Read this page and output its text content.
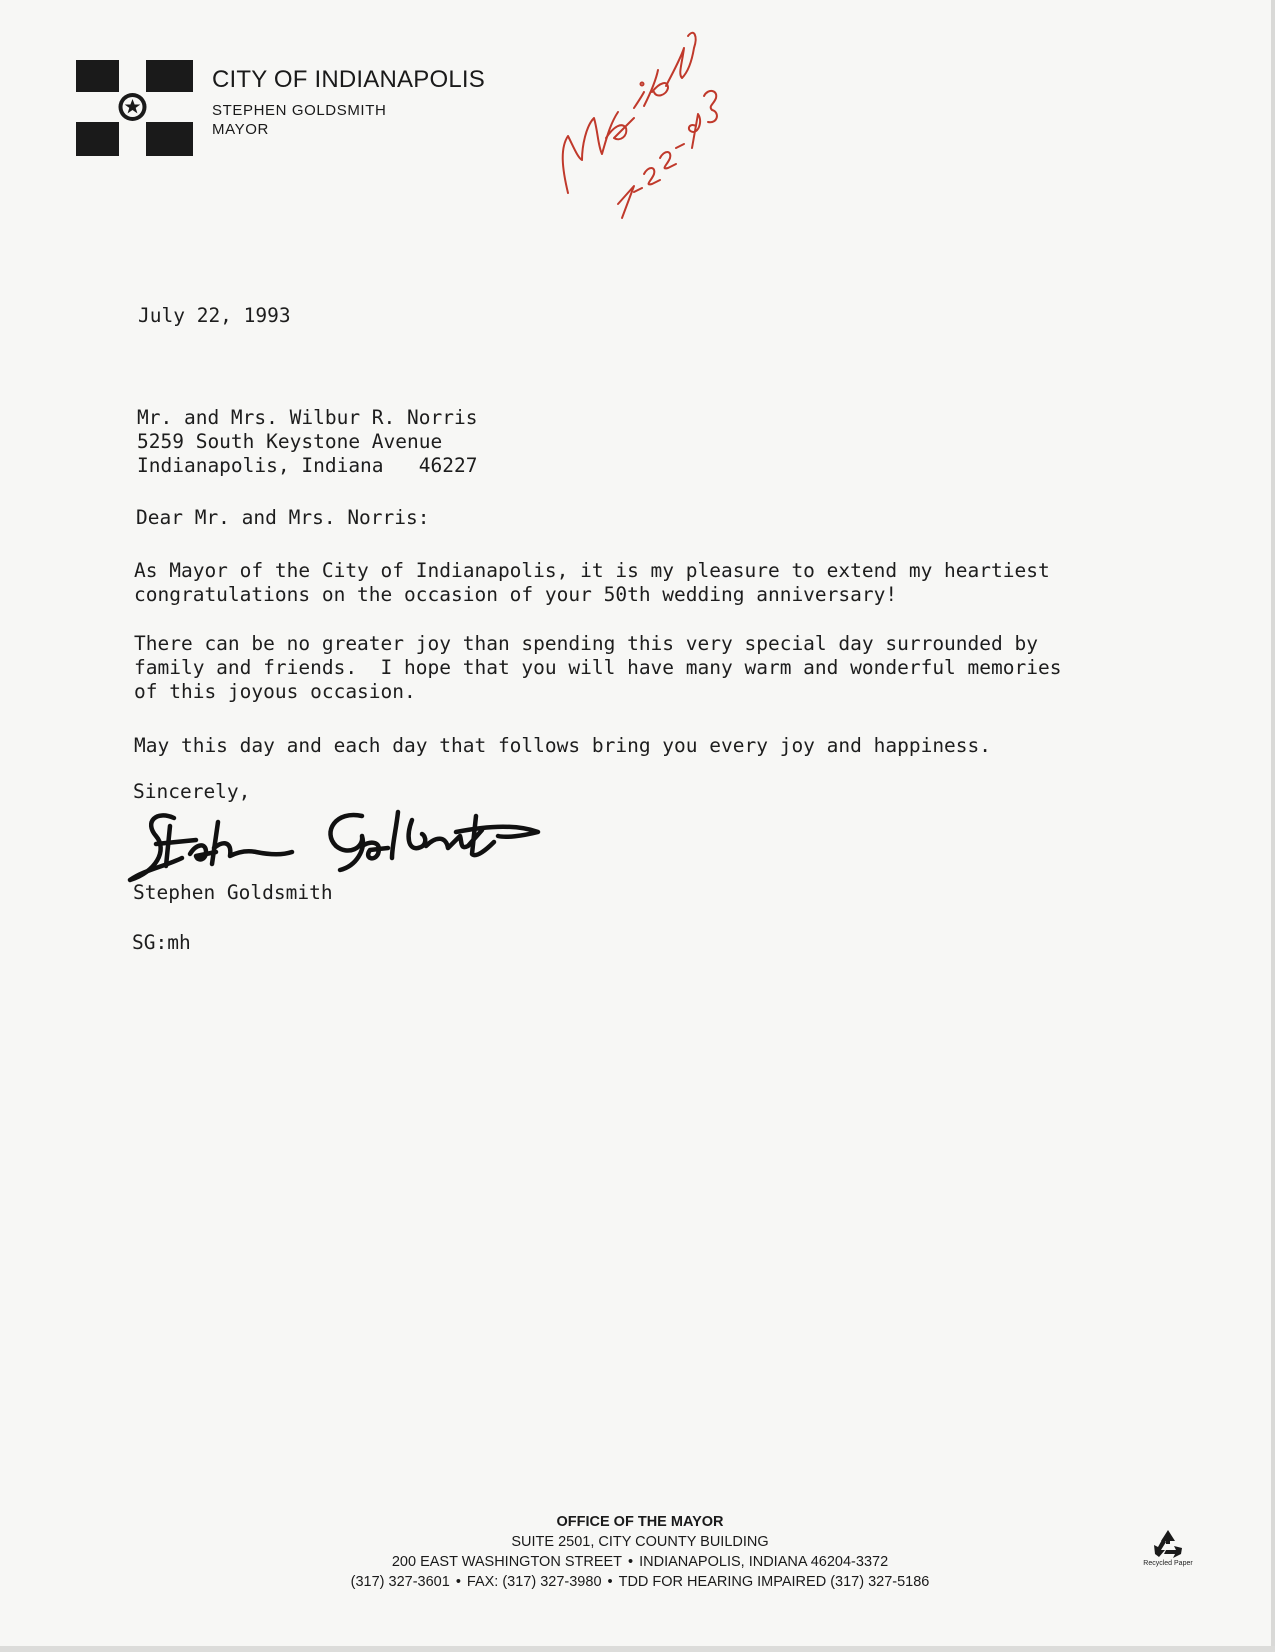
CITY OF INDIANAPOLIS
STEPHEN GOLDSMITH
MAYOR
July 22, 1993
Mr. and Mrs. Wilbur R. Norris
5259 South Keystone Avenue
Indianapolis, Indiana   46227
Dear Mr. and Mrs. Norris:
As Mayor of the City of Indianapolis, it is my pleasure to extend my heartiest
congratulations on the occasion of your 50th wedding anniversary!
There can be no greater joy than spending this very special day surrounded by
family and friends.  I hope that you will have many warm and wonderful memories
of this joyous occasion.
May this day and each day that follows bring you every joy and happiness.
Sincerely,
Stephen Goldsmith
SG:mh
OFFICE OF THE MAYOR
SUITE 2501, CITY COUNTY BUILDING
200 EAST WASHINGTON STREET • INDIANAPOLIS, INDIANA 46204-3372
(317) 327-3601 • FAX: (317) 327-3980 • TDD FOR HEARING IMPAIRED (317) 327-5186
Recycled Paper
